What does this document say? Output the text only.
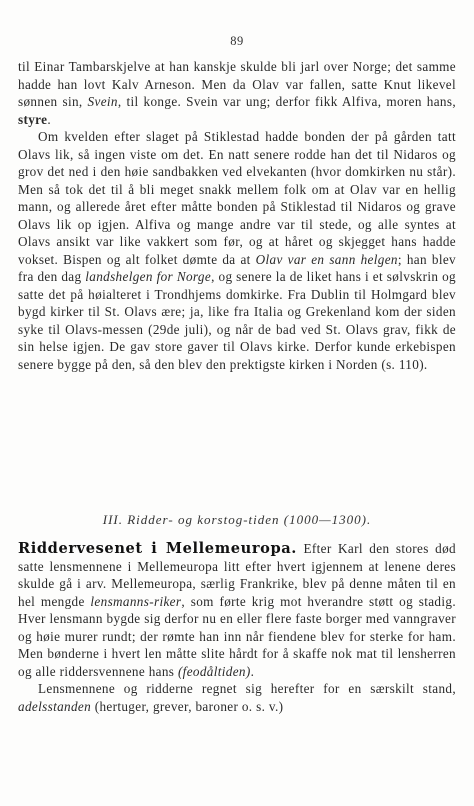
89

til Einar Tambarskjelve at han kanskje skulde bli jarl over Norge; det samme hadde han lovt Kalv Arneson. Men da Olav var fallen, satte Knut likevel sønnen sin, Svein, til konge. Svein var ung; derfor fikk Alfiva, moren hans, styre.

Om kvelden efter slaget på Stiklestad hadde bonden der på gården tatt Olavs lik, så ingen viste om det. En natt senere rodde han det til Nidaros og grov det ned i den høie sandbakken ved elvekanten (hvor domkirken nu står). Men så tok det til å bli meget snakk mellem folk om at Olav var en hellig mann, og allerede året efter måtte bonden på Stiklestad til Nidaros og grave Olavs lik op igjen. Alfiva og mange andre var til stede, og alle syntes at Olavs ansikt var like vakkert som før, og at håret og skjegget hans hadde vokset. Bispen og alt folket dømte da at Olav var en sann helgen; han blev fra den dag landshelgen for Norge, og senere la de liket hans i et sølvskrin og satte det på høialteret i Trondhjems domkirke. Fra Dublin til Holmgard blev bygd kirker til St. Olavs ære; ja, like fra Italia og Grekenland kom der siden syke til Olavs-messen (29de juli), og når de bad ved St. Olavs grav, fikk de sin helse igjen. De gav store gaver til Olavs kirke. Derfor kunde erkebispen senere bygge på den, så den blev den prektigste kirken i Norden (s. 110).

III. Ridder- og korstog-tiden (1000—1300).

Riddervesenet i Mellemeuropa. Efter Karl den stores død satte lensmennene i Mellemeuropa litt efter hvert igjennem at lenene deres skulde gå i arv. Mellemeuropa, særlig Frankrike, blev på denne måten til en hel mengde lensmanns-riker, som førte krig mot hverandre støtt og stadig. Hver lensmann bygde sig derfor nu en eller flere faste borger med vanngraver og høie murer rundt; der rømte han inn når fiendene blev for sterke for ham. Men bønderne i hvert len måtte slite hårdt for å skaffe nok mat til lensherren og alle riddersvennene hans (feodåltiden).

Lensmennene og ridderne regnet sig herefter for en særskilt stand, adelsstanden (hertuger, grever, baroner o. s. v.)
